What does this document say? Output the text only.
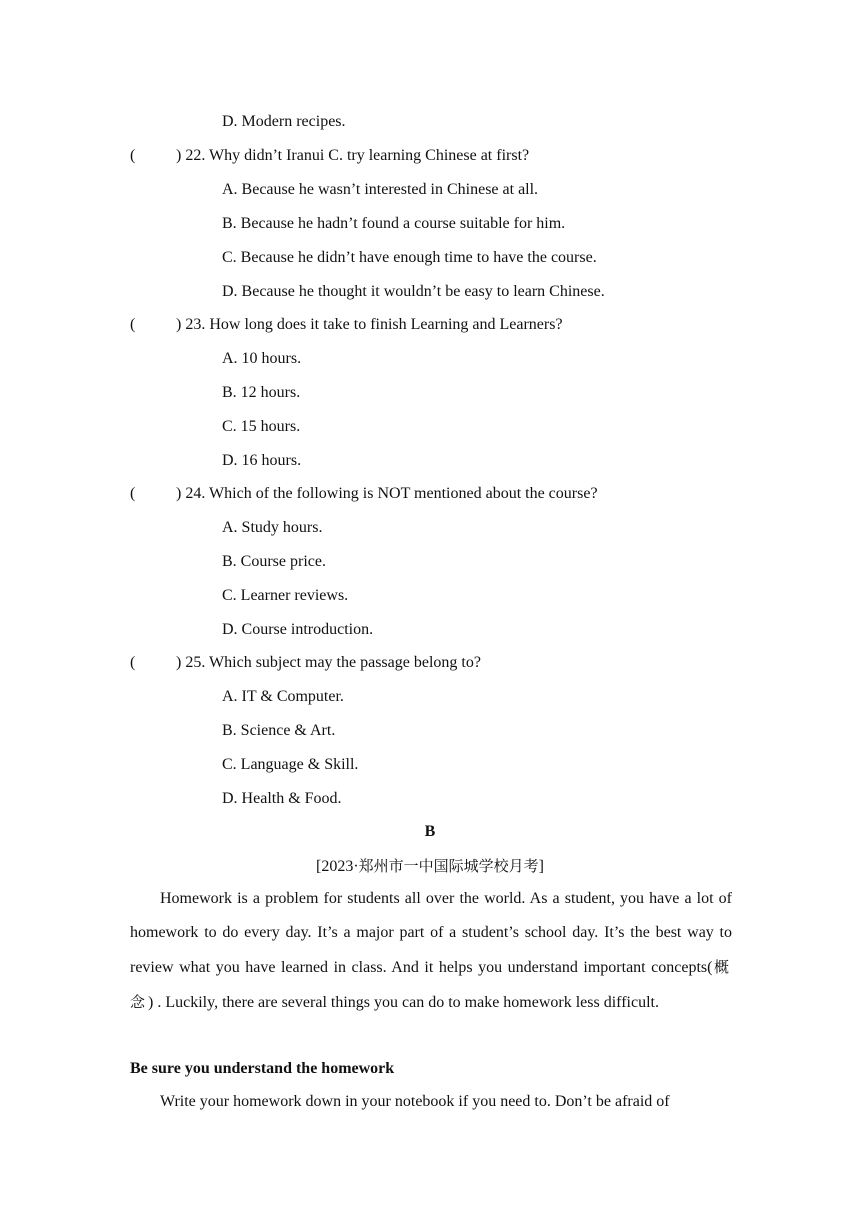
D. Modern recipes.
(	) 22. Why didn’t Iranui C. try learning Chinese at first?
A. Because he wasn’t interested in Chinese at all.
B. Because he hadn’t found a course suitable for him.
C. Because he didn’t have enough time to have the course.
D. Because he thought it wouldn’t be easy to learn Chinese.
(	) 23. How long does it take to finish Learning and Learners?
A. 10 hours.
B. 12 hours.
C. 15 hours.
D. 16 hours.
(	) 24. Which of the following is NOT mentioned about the course?
A. Study hours.
B. Course price.
C. Learner reviews.
D. Course introduction.
(	) 25. Which subject may the passage belong to?
A. IT & Computer.
B. Science & Art.
C. Language & Skill.
D. Health & Food.
B
[2023·郑州市一中国际城学校月考]
Homework is a problem for students all over the world. As a student, you have a lot of homework to do every day. It’s a major part of a student’s school day. It’s the best way to review what you have learned in class. And it helps you understand important concepts(概念) . Luckily, there are several things you can do to make homework less difficult.
Be sure you understand the homework
Write your homework down in your notebook if you need to. Don’t be afraid of
